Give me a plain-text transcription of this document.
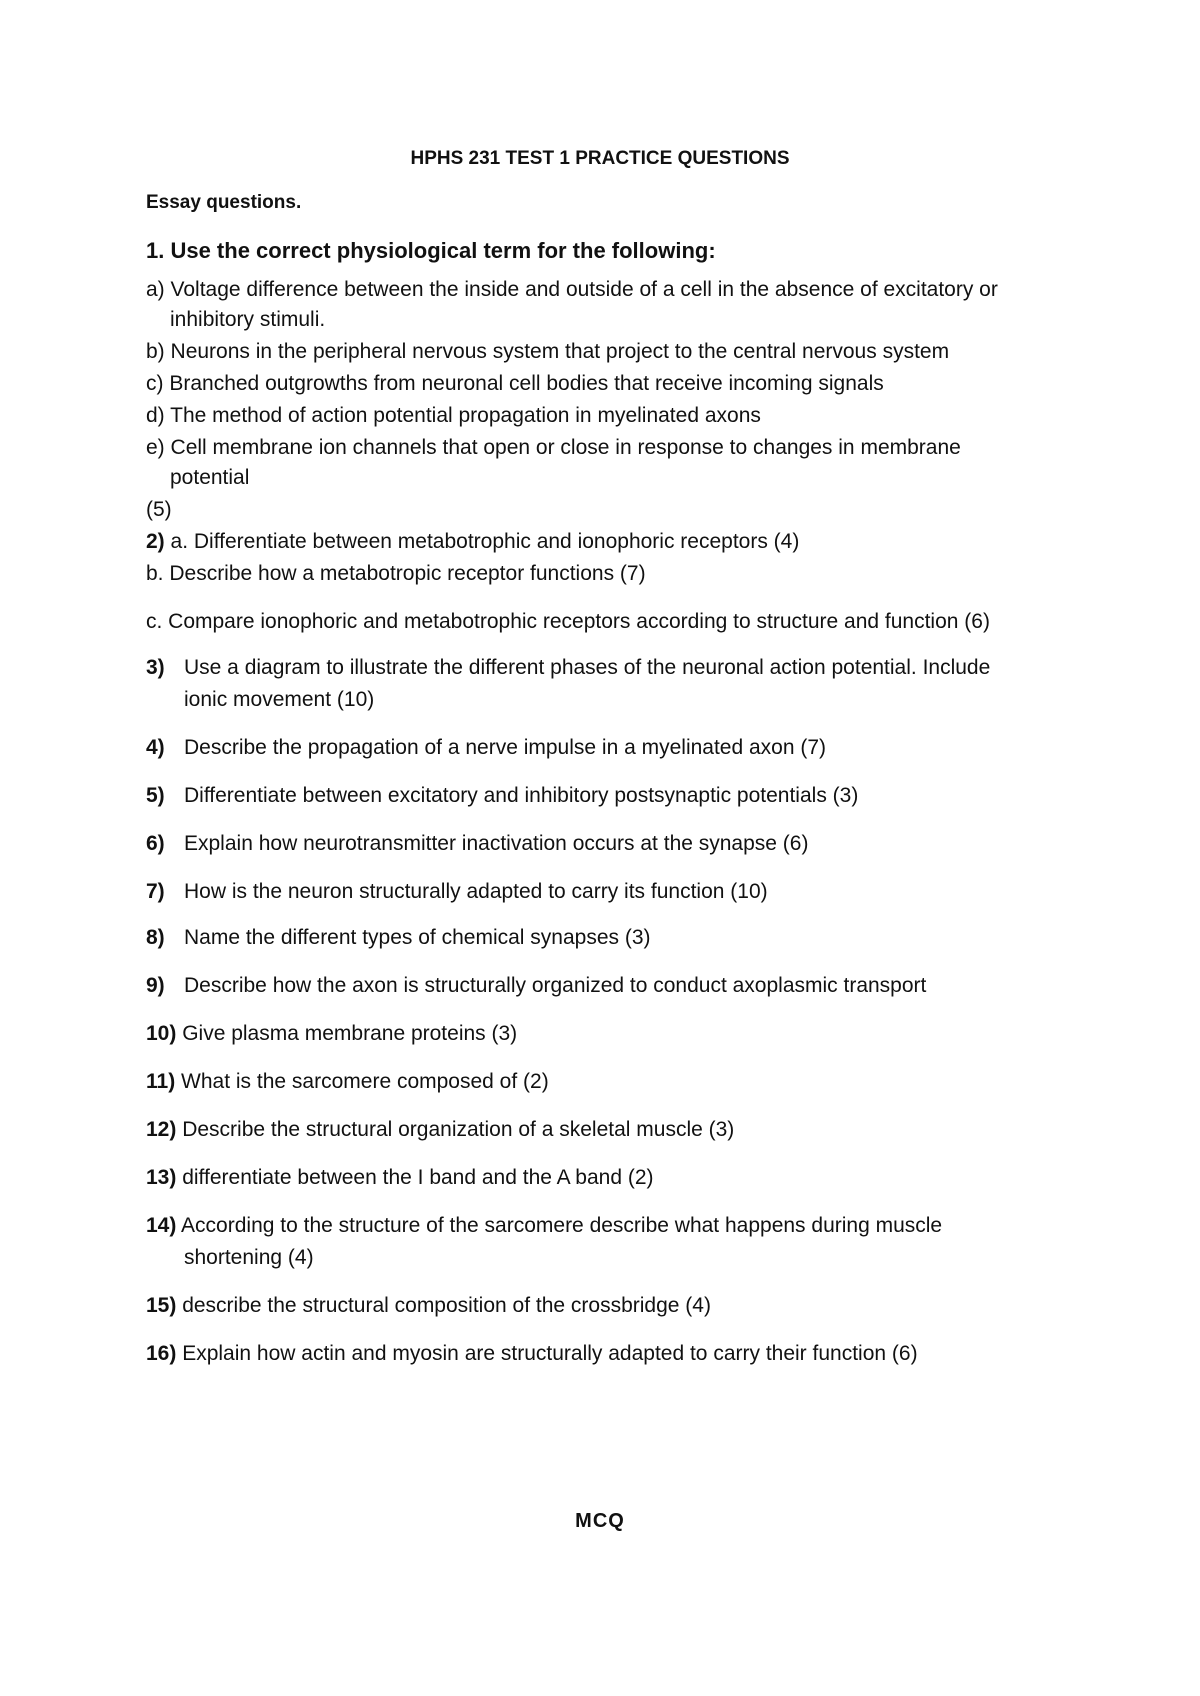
HPHS 231 TEST 1 PRACTICE QUESTIONS
Essay questions.
1. Use the correct physiological term for the following:
a) Voltage difference between the inside and outside of a cell in the absence of excitatory or
inhibitory stimuli.
b) Neurons in the peripheral nervous system that project to the central nervous system
c) Branched outgrowths from neuronal cell bodies that receive incoming signals
d) The method of action potential propagation in myelinated axons
e) Cell membrane ion channels that open or close in response to changes in membrane
potential
(5)
2) a. Differentiate between metabotrophic and ionophoric receptors (4)
b. Describe how a metabotropic receptor functions (7)
c. Compare ionophoric and metabotrophic receptors according to structure and function (6)
3) Use a diagram to illustrate the different phases of the neuronal action potential. Include
ionic movement (10)
4) Describe the propagation of a nerve impulse in a myelinated axon (7)
5) Differentiate between excitatory and inhibitory postsynaptic potentials (3)
6) Explain how neurotransmitter inactivation occurs at the synapse (6)
7) How is the neuron structurally adapted to carry its function (10)
8) Name the different types of chemical synapses (3)
9) Describe how the axon is structurally organized to conduct axoplasmic transport
10) Give plasma membrane proteins (3)
11) What is the sarcomere composed of (2)
12) Describe the structural organization of a skeletal muscle (3)
13) differentiate between the I band and the A band (2)
14) According to the structure of the sarcomere describe what happens during muscle
shortening (4)
15) describe the structural composition of the crossbridge (4)
16) Explain how actin and myosin are structurally adapted to carry their function (6)
MCQ
